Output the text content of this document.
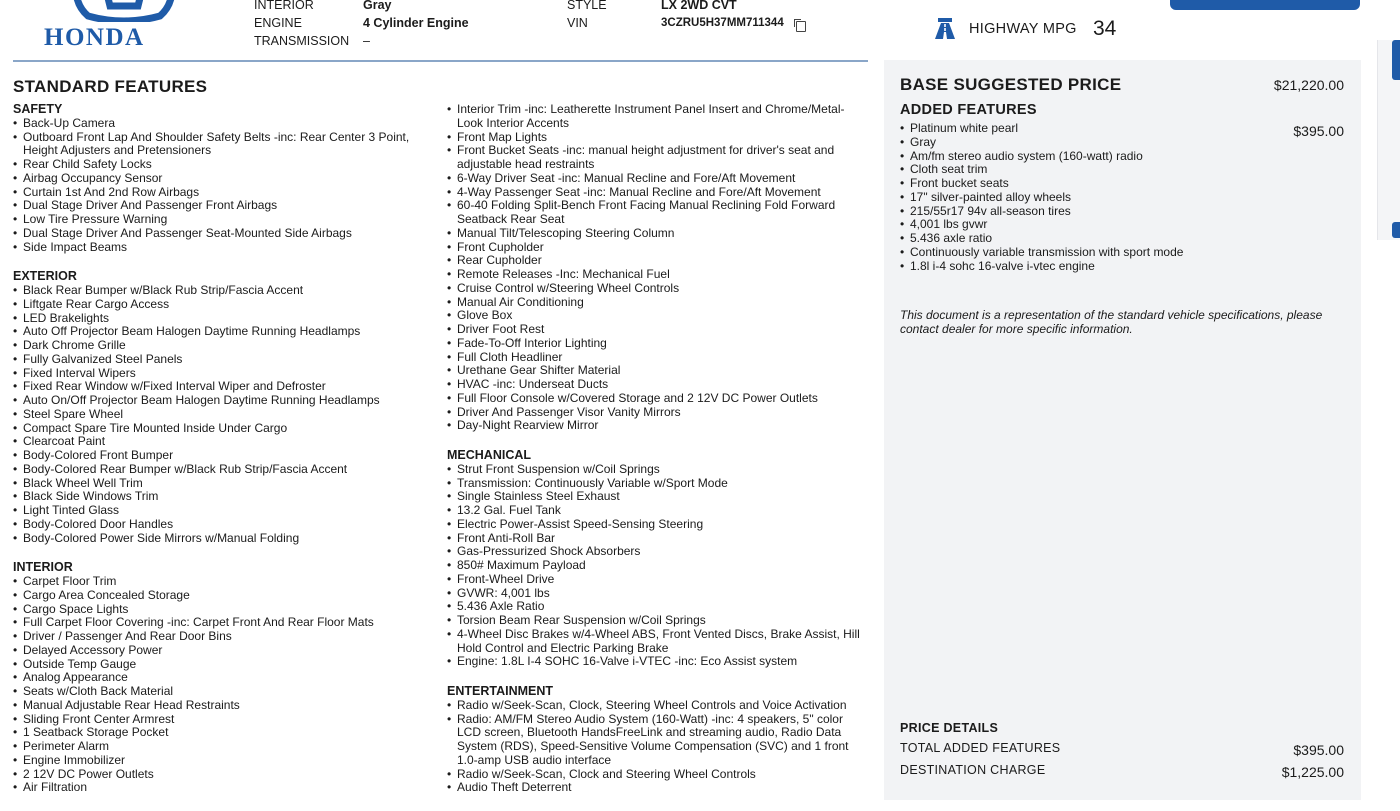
HONDA
INTERIOR	Gray
ENGINE	4 Cylinder Engine
TRANSMISSION –
STYLE	LX 2WD CVT
VIN	3CZRU5H37MM711344	HIGHWAY MPG 34
STANDARD FEATURES
SAFETY
• Back-Up Camera
• Outboard Front Lap And Shoulder Safety Belts -inc: Rear Center 3 Point, Height Adjusters and Pretensioners
• Rear Child Safety Locks
• Airbag Occupancy Sensor
• Curtain 1st And 2nd Row Airbags
• Dual Stage Driver And Passenger Front Airbags
• Low Tire Pressure Warning
• Dual Stage Driver And Passenger Seat-Mounted Side Airbags
• Side Impact Beams
EXTERIOR
• Black Rear Bumper w/Black Rub Strip/Fascia Accent
• Liftgate Rear Cargo Access
• LED Brakelights
• Auto Off Projector Beam Halogen Daytime Running Headlamps
• Dark Chrome Grille
• Fully Galvanized Steel Panels
• Fixed Interval Wipers
• Fixed Rear Window w/Fixed Interval Wiper and Defroster
• Auto On/Off Projector Beam Halogen Daytime Running Headlamps
• Steel Spare Wheel
• Compact Spare Tire Mounted Inside Under Cargo
• Clearcoat Paint
• Body-Colored Front Bumper
• Body-Colored Rear Bumper w/Black Rub Strip/Fascia Accent
• Black Wheel Well Trim
• Black Side Windows Trim
• Light Tinted Glass
• Body-Colored Door Handles
• Body-Colored Power Side Mirrors w/Manual Folding
INTERIOR
• Carpet Floor Trim
• Cargo Area Concealed Storage
• Cargo Space Lights
• Full Carpet Floor Covering -inc: Carpet Front And Rear Floor Mats
• Driver / Passenger And Rear Door Bins
• Delayed Accessory Power
• Outside Temp Gauge
• Analog Appearance
• Seats w/Cloth Back Material
• Manual Adjustable Rear Head Restraints
• Sliding Front Center Armrest
• 1 Seatback Storage Pocket
• Perimeter Alarm
• Engine Immobilizer
• 2 12V DC Power Outlets
• Air Filtration
• Interior Trim -inc: Leatherette Instrument Panel Insert and Chrome/Metal-Look Interior Accents
• Front Map Lights
• Front Bucket Seats -inc: manual height adjustment for driver's seat and adjustable head restraints
• 6-Way Driver Seat -inc: Manual Recline and Fore/Aft Movement
• 4-Way Passenger Seat -inc: Manual Recline and Fore/Aft Movement
• 60-40 Folding Split-Bench Front Facing Manual Reclining Fold Forward Seatback Rear Seat
• Manual Tilt/Telescoping Steering Column
• Front Cupholder
• Rear Cupholder
• Remote Releases -Inc: Mechanical Fuel
• Cruise Control w/Steering Wheel Controls
• Manual Air Conditioning
• Glove Box
• Driver Foot Rest
• Fade-To-Off Interior Lighting
• Full Cloth Headliner
• Urethane Gear Shifter Material
• HVAC -inc: Underseat Ducts
• Full Floor Console w/Covered Storage and 2 12V DC Power Outlets
• Driver And Passenger Visor Vanity Mirrors
• Day-Night Rearview Mirror
MECHANICAL
• Strut Front Suspension w/Coil Springs
• Transmission: Continuously Variable w/Sport Mode
• Single Stainless Steel Exhaust
• 13.2 Gal. Fuel Tank
• Electric Power-Assist Speed-Sensing Steering
• Front Anti-Roll Bar
• Gas-Pressurized Shock Absorbers
• 850# Maximum Payload
• Front-Wheel Drive
• GVWR: 4,001 lbs
• 5.436 Axle Ratio
• Torsion Beam Rear Suspension w/Coil Springs
• 4-Wheel Disc Brakes w/4-Wheel ABS, Front Vented Discs, Brake Assist, Hill Hold Control and Electric Parking Brake
• Engine: 1.8L I-4 SOHC 16-Valve i-VTEC -inc: Eco Assist system
ENTERTAINMENT
• Radio w/Seek-Scan, Clock, Steering Wheel Controls and Voice Activation
• Radio: AM/FM Stereo Audio System (160-Watt) -inc: 4 speakers, 5" color LCD screen, Bluetooth HandsFreeLink and streaming audio, Radio Data System (RDS), Speed-Sensitive Volume Compensation (SVC) and 1 front 1.0-amp USB audio interface
• Radio w/Seek-Scan, Clock and Steering Wheel Controls
• Audio Theft Deterrent
BASE SUGGESTED PRICE	$21,220.00
ADDED FEATURES
$395.00
• Platinum white pearl
• Gray
• Am/fm stereo audio system (160-watt) radio
• Cloth seat trim
• Front bucket seats
• 17" silver-painted alloy wheels
• 215/55r17 94v all-season tires
• 4,001 lbs gvwr
• 5.436 axle ratio
• Continuously variable transmission with sport mode
• 1.8l i-4 sohc 16-valve i-vtec engine
This document is a representation of the standard vehicle specifications, please contact dealer for more specific information.
PRICE DETAILS
TOTAL ADDED FEATURES	$395.00
DESTINATION CHARGE	$1,225.00
